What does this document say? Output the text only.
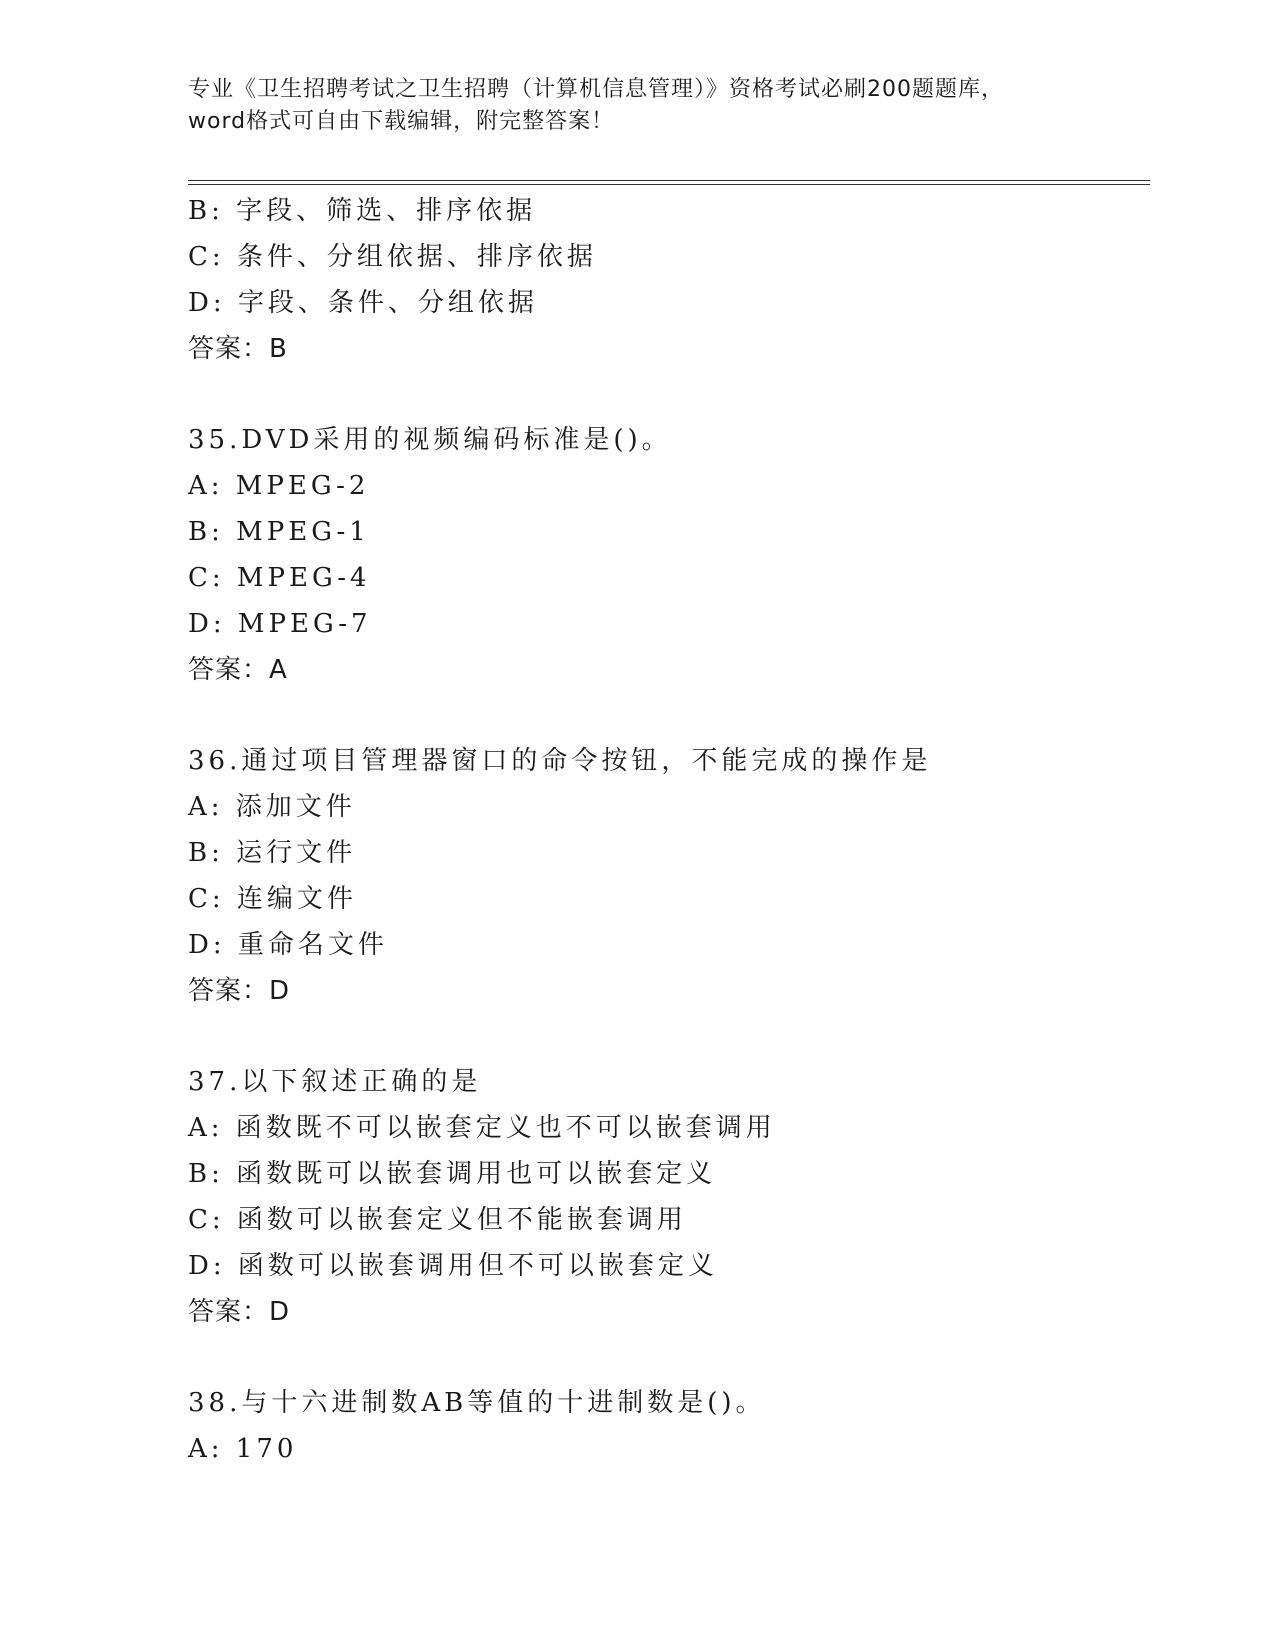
专业《卫生招聘考试之卫生招聘（计算机信息管理）》资格考试必刷200题题库，
word格式可自由下载编辑，附完整答案！
B: 字段、筛选、排序依据
C: 条件、分组依据、排序依据
D: 字段、条件、分组依据
答案：B
35.DVD采用的视频编码标准是()。
A: MPEG-2
B: MPEG-1
C: MPEG-4
D: MPEG-7
答案：A
36.通过项目管理器窗口的命令按钮，不能完成的操作是
A: 添加文件
B: 运行文件
C: 连编文件
D: 重命名文件
答案：D
37.以下叙述正确的是
A: 函数既不可以嵌套定义也不可以嵌套调用
B: 函数既可以嵌套调用也可以嵌套定义
C: 函数可以嵌套定义但不能嵌套调用
D: 函数可以嵌套调用但不可以嵌套定义
答案：D
38.与十六进制数AB等值的十进制数是()。
A: 170
